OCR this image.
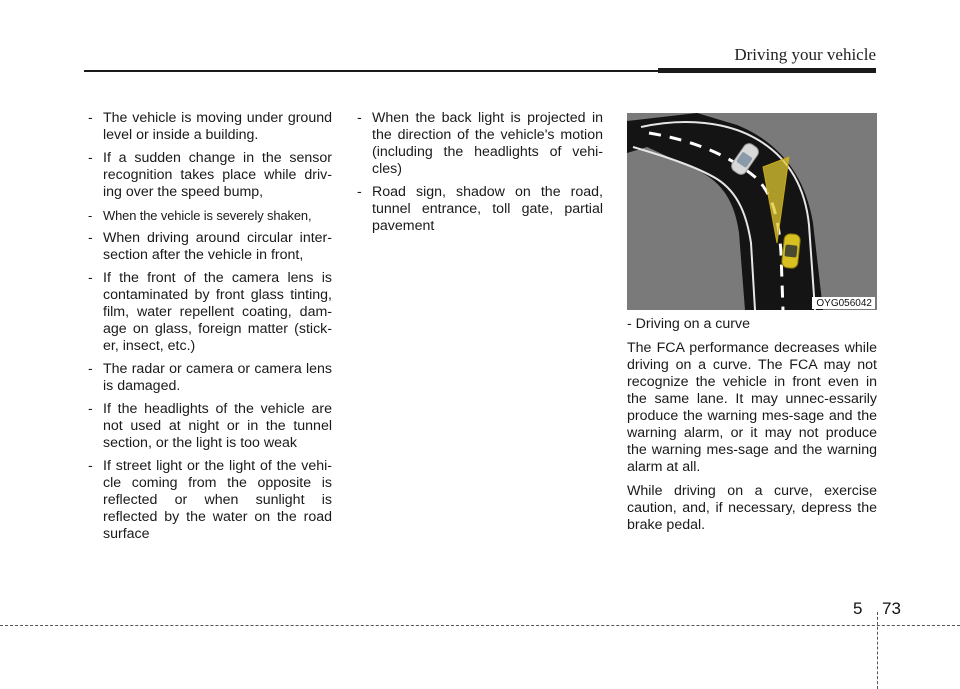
Driving your vehicle
- The vehicle is moving under ground level or inside a building.
- If a sudden change in the sensor recognition takes place while driv-ing over the speed bump,
- When the vehicle is severely shaken,
- When driving around circular inter-section after the vehicle in front,
- If the front of the camera lens is contaminated by front glass tinting, film, water repellent coating, dam-age on glass, foreign matter (stick-er, insect, etc.)
- The radar or camera or camera lens is damaged.
- If the headlights of the vehicle are not used at night or in the tunnel section, or the light is too weak
- If street light or the light of the vehi-cle coming from the opposite is reflected or when sunlight is reflected by the water on the road surface
- When the back light is projected in the direction of the vehicle's motion (including the headlights of vehi-cles)
- Road sign, shadow on the road, tunnel entrance, toll gate, partial pavement
OYG056042

- Driving on a curve

The FCA performance decreases while driving on a curve. The FCA may not recognize the vehicle in front even in the same lane. It may unnec-essarily produce the warning mes-sage and the warning alarm, or it may not produce the warning mes-sage and the warning alarm at all.

While driving on a curve, exercise caution, and, if necessary, depress the brake pedal.

5 73
